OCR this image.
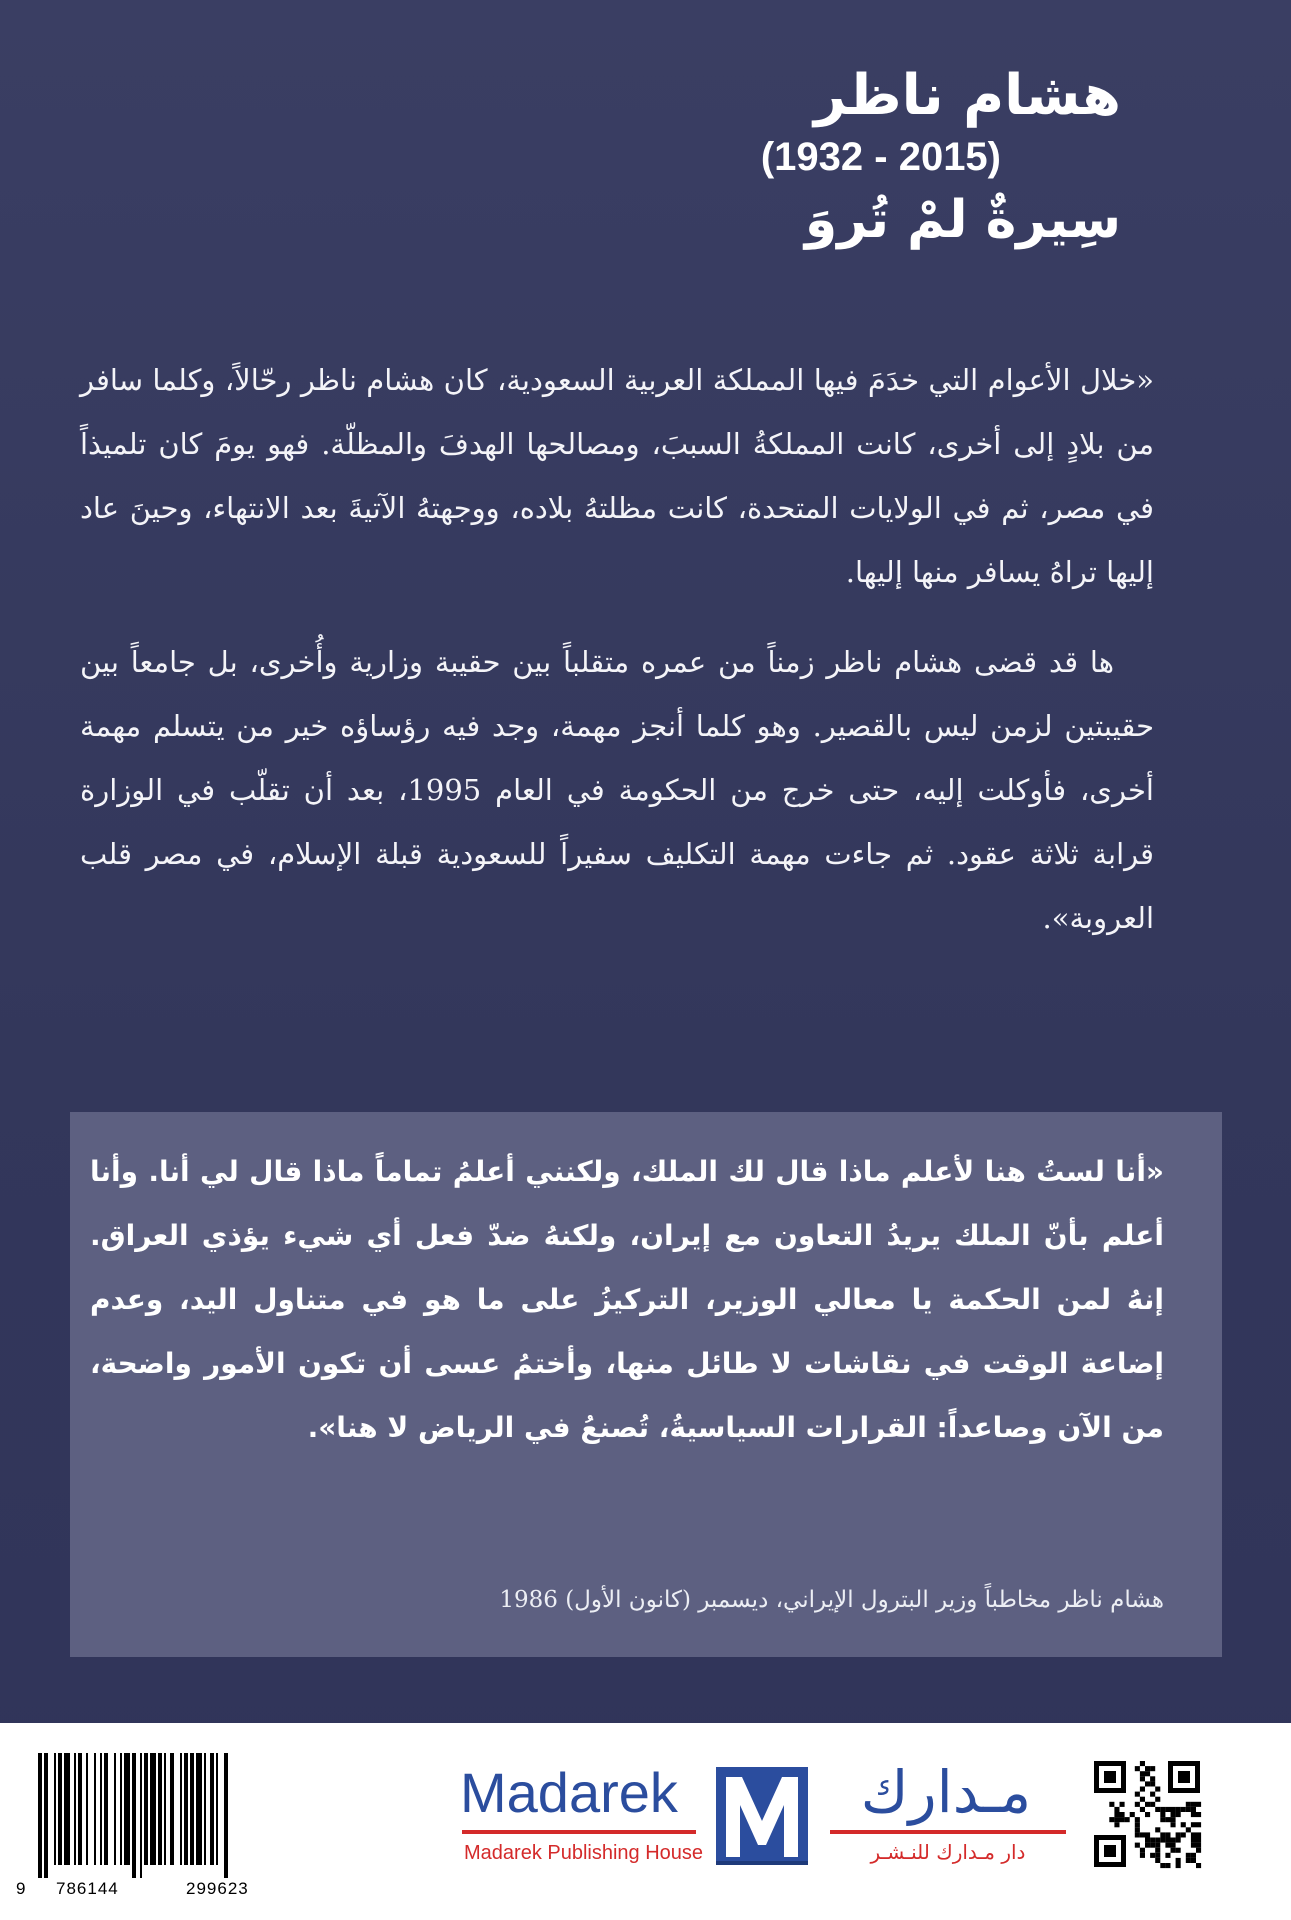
هشام ناظر
(1932 - 2015)
سِيرةٌ لمْ تُروَ

«خلال الأعوام التي خدَمَ فيها المملكة العربية السعودية، كان هشام ناظر رحّالاً، وكلما سافر من بلادٍ إلى أخرى، كانت المملكةُ السببَ، ومصالحها الهدفَ والمظلّة. فهو يومَ كان تلميذاً في مصر، ثم في الولايات المتحدة، كانت مظلتهُ بلاده، ووجهتهُ الآتيةَ بعد الانتهاء، وحينَ عاد إليها تراهُ يسافر منها إليها.

ها قد قضى هشام ناظر زمناً من عمره متقلباً بين حقيبة وزارية وأُخرى، بل جامعاً بين حقيبتين لزمن ليس بالقصير. وهو كلما أنجز مهمة، وجد فيه رؤساؤه خير من يتسلم مهمة أخرى، فأوكلت إليه، حتى خرج من الحكومة في العام 1995، بعد أن تقلّب في الوزارة قرابة ثلاثة عقود. ثم جاءت مهمة التكليف سفيراً للسعودية قبلة الإسلام، في مصر قلب العروبة».

«أنا لستُ هنا لأعلم ماذا قال لك الملك، ولكنني أعلمُ تماماً ماذا قال لي أنا. وأنا أعلم بأنّ الملك يريدُ التعاون مع إيران، ولكنهُ ضدّ فعل أي شيء يؤذي العراق. إنهُ لمن الحكمة يا معالي الوزير، التركيزُ على ما هو في متناول اليد، وعدم إضاعة الوقت في نقاشات لا طائل منها، وأختمُ عسى أن تكون الأمور واضحة، من الآن وصاعداً: القرارات السياسيةُ، تُصنعُ في الرياض لا هنا».
هشام ناظر مخاطباً وزير البترول الإيراني، ديسمبر (كانون الأول) 1986
9 786144	299623
Madarek
Madarek Publishing House
مـدارك
دار مـدارك للنـشـر
